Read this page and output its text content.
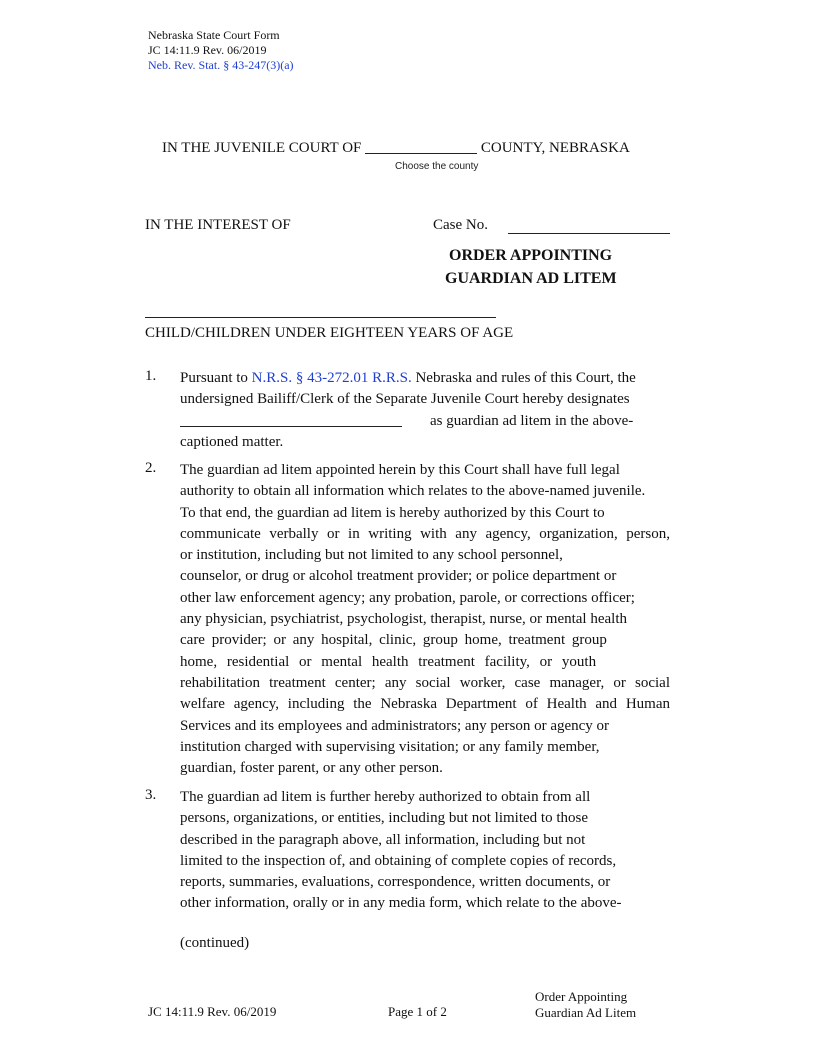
Nebraska State Court Form
JC 14:11.9 Rev. 06/2019
Neb. Rev. Stat. § 43-247(3)(a)
IN THE JUVENILE COURT OF	COUNTY, NEBRASKA
Choose the county
IN THE INTEREST OF	Case No.
ORDER APPOINTING
GUARDIAN AD LITEM
CHILD/CHILDREN UNDER EIGHTEEN YEARS OF AGE
1. Pursuant to N.R.S. § 43-272.01 R.R.S. Nebraska and rules of this Court, the
undersigned Bailiff/Clerk of the Separate Juvenile Court hereby designates
as guardian ad litem in the above-
captioned matter.
2. The guardian ad litem appointed herein by this Court shall have full legal
authority to obtain all information which relates to the above-named juvenile.
To that end, the guardian ad litem is hereby authorized by this Court to
communicate verbally or in writing with any agency, organization, person,
or institution, including but not limited to any school personnel,
counselor, or drug or alcohol treatment provider; or police department or
other law enforcement agency; any probation, parole, or corrections officer;
any physician, psychiatrist, psychologist, therapist, nurse, or mental health
care provider; or any hospital, clinic, group home, treatment group
home, residential or mental health treatment facility, or youth
rehabilitation treatment center; any social worker, case manager, or social
welfare agency, including the Nebraska Department of Health and Human
Services and its employees and administrators; any person or agency or
institution charged with supervising visitation; or any family member,
guardian, foster parent, or any other person.
3. The guardian ad litem is further hereby authorized to obtain from all
persons, organizations, or entities, including but not limited to those
described in the paragraph above, all information, including but not
limited to the inspection of, and obtaining of complete copies of records,
reports, summaries, evaluations, correspondence, written documents, or
other information, orally or in any media form, which relate to the above-
(continued)
JC 14:11.9 Rev. 06/2019	Page 1 of 2
Order Appointing
Guardian Ad Litem
